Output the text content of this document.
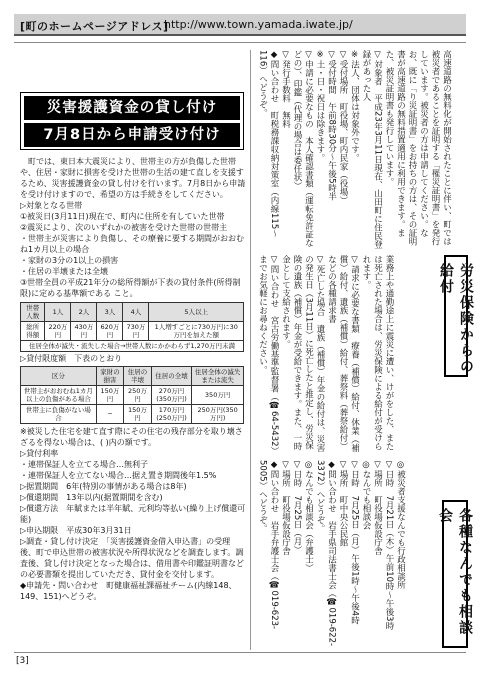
[町のホームページアドレス]
http://www.town.yamada.iwate.jp/
災害援護資金の貸し付け
7月8日から申請受け付け

　町では、東日本大震災により、世帯主の方が負傷した世帯や、住居・家財に損害を受けた世帯の生活の建て直しを支援するため、災害援護資金の貸し付けを行います。7月8日から申請を受け付けますので、希望の方は手続きをしてください。

▷対象となる世帯

①被災日(3月11日)現在で、町内に住所を有していた世帯

②震災により、次のいずれかの被害を受けた世帯の世帯主

・世帯主が災害により負傷し、その療養に要する期間がおおむね1カ月以上の場合

・家財の3分の1以上の損害

・住居の半壊または全壊

③世帯全員の平成21年分の総所得額が下表の貸付条件(所得制限)に定める基準額である こと。

世帯人数	1人	2人	3人	4人	5人以上
総所得額	220万円	430万円	620万円	730万円	1人増すごとに730万円に30万円を加えた額
住居全体が滅失・流失した場合→世帯人数にかかわらず1,270万円未満					

▷貸付限度額　下表のとおり

区分	家財の損害	住居の半壊	住居の全壊	住居全体の滅失または流失
世帯主がおおむね1カ月以上の負傷がある場合	150万円	250万円	270万円(350万円)	350万円
世帯主に負傷がない場合	─	150万円	170万円(250万円)	250万円(350万円)

※被災した住宅を建て直す際にその住宅の残存部分を取り壊さざるを得ない場合は、( )内の額です。

▷貸付利率

・連帯保証人を立てる場合…無利子

・連帯保証人を立てない場合…据え置き期間後年1.5%

▷据置期間　6年(特別の事情がある場合は8年)

▷償還期間　13年以内(据置期間を含む)

▷償還方法　年賦または半年賦、元利均等払い(繰り上げ償還可能)

▷申込期限　平成30年3月31日

▷調査・貸し付け決定　「災害援護資金借入申込書」の受理後、町で申込世帯の被害状況や所得状況などを調査します。調査後、貸し付け決定となった場合は、借用書や印鑑証明書などの必要書類を提出していただき、貸付金を交付します。

◆申請先・問い合わせ　町健康福祉課福祉チーム(内線148、149、151)へどうぞ。

高速道路の無料化が開始されたことに伴い、町では被災者であることを証明する「罹災証明書」を発行しています。被災者の方は申請してください。なお、既に「り災証明書」をお持ちの方は、その証明書が高速道路の無料措置適用に利用できます。また、被災証明書も発行しています。
▽対象者　平成23年3月11日現在、山田町に住民登録があった人
※法人、団体は対象外です。
▽受付場所　町役場、町内民家（役場）
▽受付時間　午前8時30分〜午後5時半
※土・日・祝日は除きます。
▽申請に必要なもの　本人確認書類（運転免許証などの）、印鑑（代理の場合は委任状）
▽発行手数料　無料
◆問い合わせ　町税務課収納対策室（内線115〜116）へどうぞ。
労災保険からの給付
業務上や通勤途上に震災に遭い、けがをした、または死亡された場合は、労災保険による給付が受けられます。
▽請求に必要な書類　療養（補償）給付、休業（補償）給付、遺族（補償）給付、葬祭料（葬祭給付）などの各種請求書
▽死亡した場合　遺族（補償）年金の給付は、災害の発生日（3月11日）に死亡したと推定し、労災保険の遺族（補償）年金が受給できます。また、一時金として支給されます。
▽問い合わせ　宮古労働基準監督署（☎64-5432）までお気軽にお尋ねください。
各種なんでも相談会
◎被災者支援なんでも行政相談所
▽日時　7月21日（木）午前10時〜午後3時
▽場所　町役場仮設庁舎
◎なんでも相談会
▽日時　7月25日（月）午後1時〜午後4時
▽場所　町中央公民館
◆問い合わせ　岩手県司法書士会（☎019-622-3372）へどうぞ。
◎なんでも相談会（弁護士）
▽日時　7月25日（月）
▽場所　町役場仮設庁舎
◆問い合わせ　岩手弁護士会（☎019-623-5005）へどうぞ。
[3]
